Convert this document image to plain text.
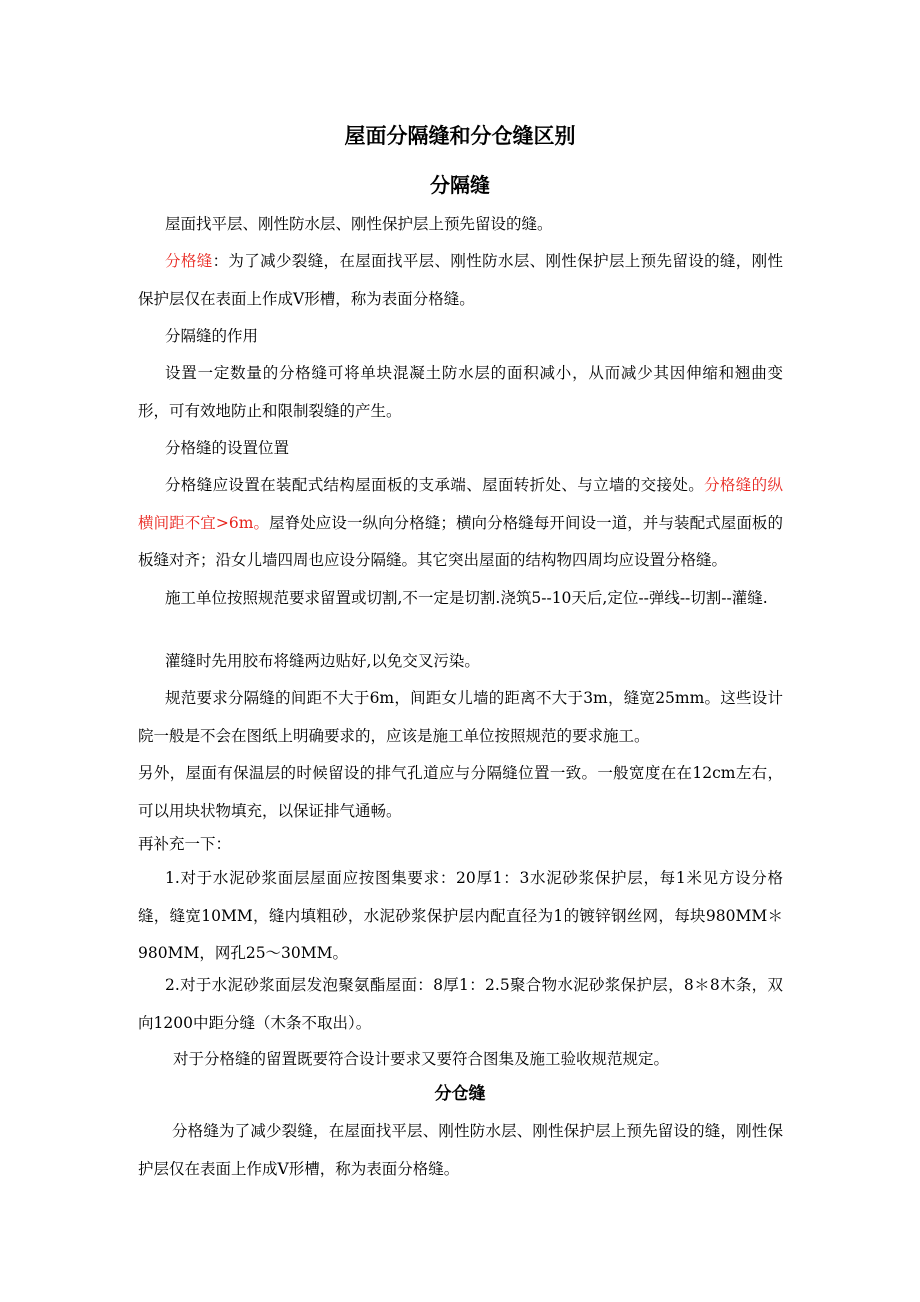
屋面分隔缝和分仓缝区别
分隔缝

屋面找平层、刚性防水层、刚性保护层上预先留设的缝。

分格缝：为了减少裂缝，在屋面找平层、刚性防水层、刚性保护层上预先留设的缝，刚性保护层仅在表面上作成V形槽，称为表面分格缝。

分隔缝的作用

设置一定数量的分格缝可将单块混凝土防水层的面积减小，从而减少其因伸缩和翘曲变形，可有效地防止和限制裂缝的产生。

分格缝的设置位置

分格缝应设置在装配式结构屋面板的支承端、屋面转折处、与立墙的交接处。分格缝的纵横间距不宜>6m。屋脊处应设一纵向分格缝；横向分格缝每开间设一道，并与装配式屋面板的板缝对齐；沿女儿墙四周也应设分隔缝。其它突出屋面的结构物四周均应设置分格缝。

施工单位按照规范要求留置或切割,不一定是切割.浇筑5--10天后,定位--弹线--切割--灌缝.

灌缝时先用胶布将缝两边贴好,以免交叉污染。

规范要求分隔缝的间距不大于6m，间距女儿墙的距离不大于3m，缝宽25mm。这些设计院一般是不会在图纸上明确要求的，应该是施工单位按照规范的要求施工。

另外，屋面有保温层的时候留设的排气孔道应与分隔缝位置一致。一般宽度在在12cm左右，可以用块状物填充，以保证排气通畅。

再补充一下：

1.对于水泥砂浆面层屋面应按图集要求：20厚1：3水泥砂浆保护层，每1米见方设分格缝，缝宽10MM，缝内填粗砂，水泥砂浆保护层内配直径为1的镀锌钢丝网，每块980MM＊980MM，网孔25～30MM。

2.对于水泥砂浆面层发泡聚氨酯屋面：8厚1：2.5聚合物水泥砂浆保护层，8＊8木条，双向1200中距分缝（木条不取出）。

对于分格缝的留置既要符合设计要求又要符合图集及施工验收规范规定。

分仓缝

分格缝为了减少裂缝，在屋面找平层、刚性防水层、刚性保护层上预先留设的缝，刚性保护层仅在表面上作成V形槽，称为表面分格缝。
